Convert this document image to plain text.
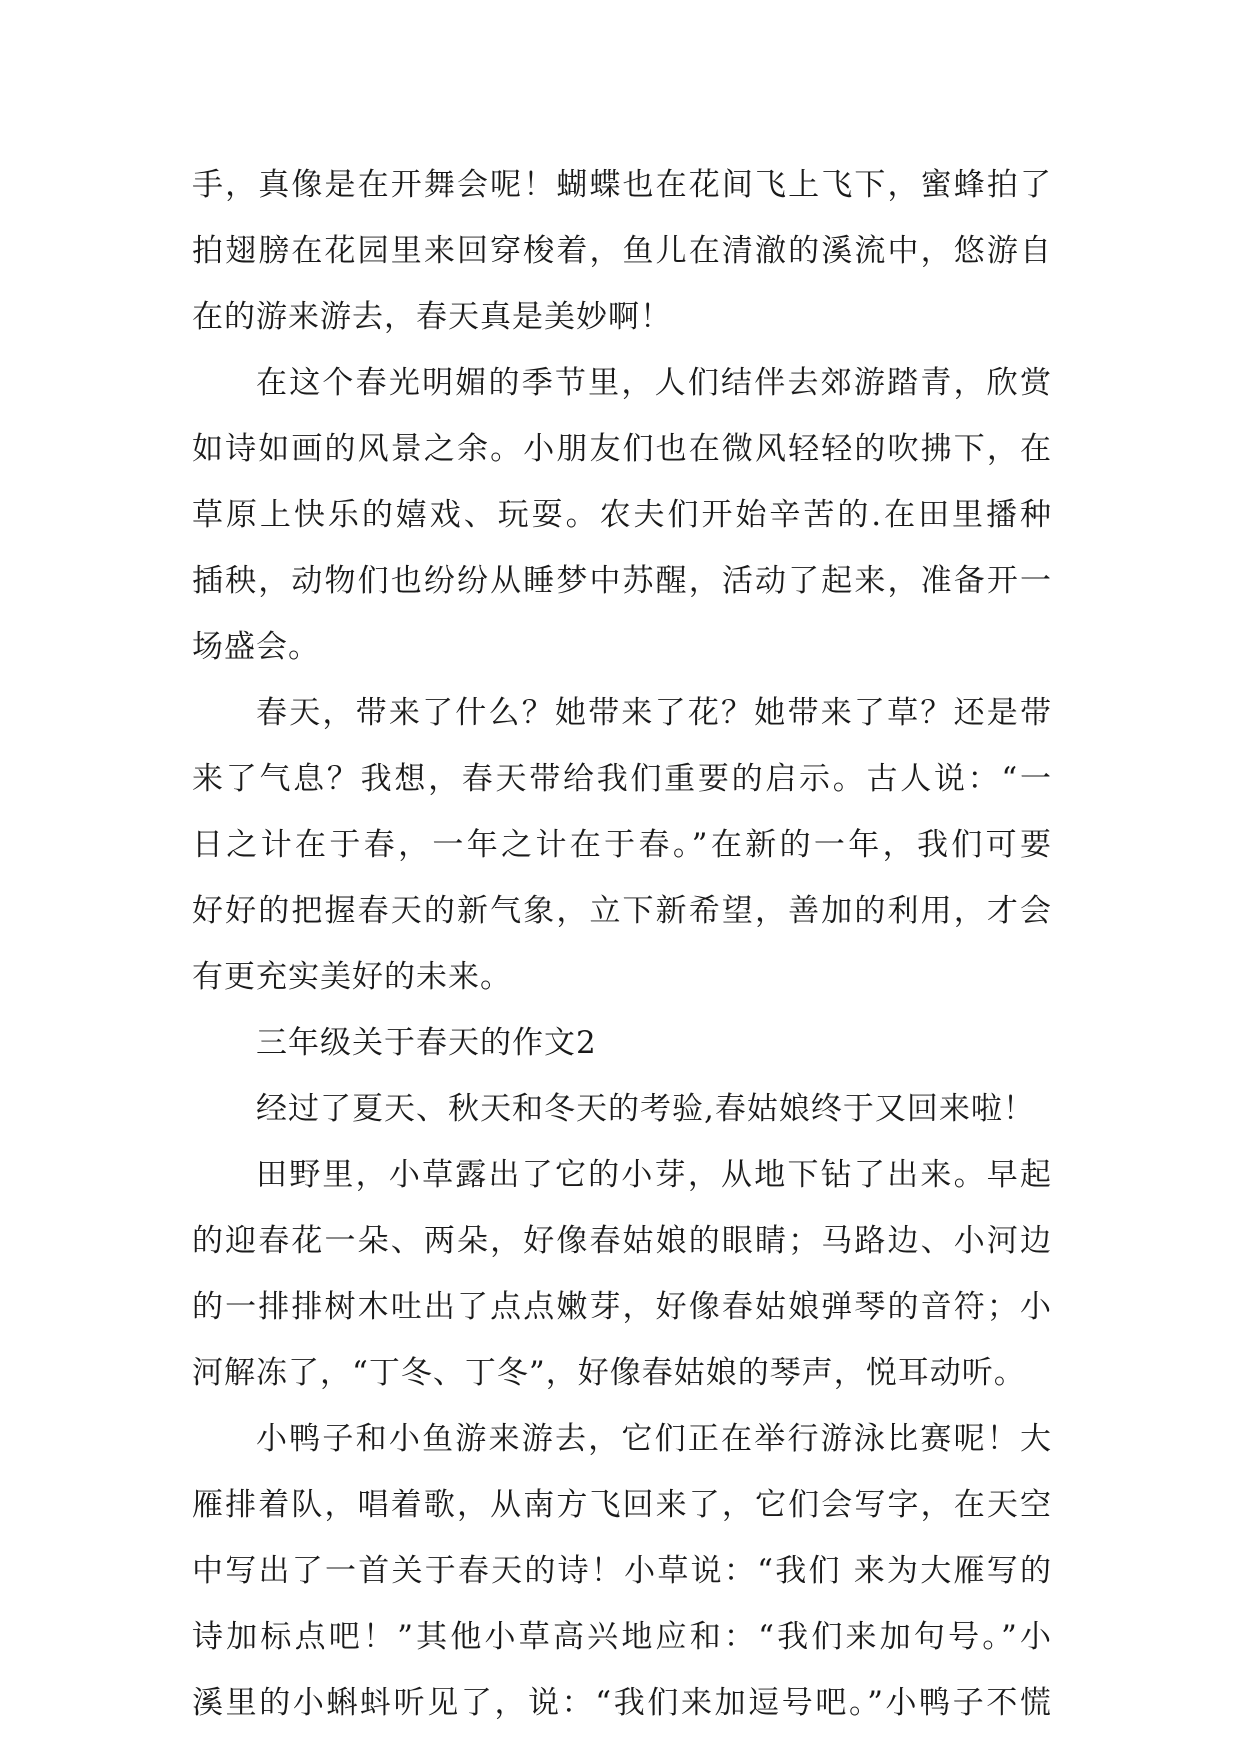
手，真像是在开舞会呢！蝴蝶也在花间飞上飞下，蜜蜂拍了
拍翅膀在花园里来回穿梭着，鱼儿在清澈的溪流中，悠游自
在的游来游去，春天真是美妙啊！
在这个春光明媚的季节里，人们结伴去郊游踏青，欣赏
如诗如画的风景之余。小朋友们也在微风轻轻的吹拂下，在
草原上快乐的嬉戏、玩耍。农夫们开始辛苦的.在田里播种
插秧，动物们也纷纷从睡梦中苏醒，活动了起来，准备开一
场盛会。
春天，带来了什么？她带来了花？她带来了草？还是带
来了气息？我想，春天带给我们重要的启示。古人说：“一
日之计在于春，一年之计在于春。”在新的一年，我们可要
好好的把握春天的新气象，立下新希望，善加的利用，才会
有更充实美好的未来。
三年级关于春天的作文2
经过了夏天、秋天和冬天的考验,春姑娘终于又回来啦！
田野里，小草露出了它的小芽，从地下钻了出来。早起
的迎春花一朵、两朵，好像春姑娘的眼睛；马路边、小河边
的一排排树木吐出了点点嫩芽，好像春姑娘弹琴的音符；小
河解冻了，“丁冬、丁冬”，好像春姑娘的琴声，悦耳动听。
小鸭子和小鱼游来游去，它们正在举行游泳比赛呢！大
雁排着队，唱着歌，从南方飞回来了，它们会写字，在天空
中写出了一首关于春天的诗！小草说：“我们 来为大雁写的
诗加标点吧！”其他小草高兴地应和：“我们来加句号。”小
溪里的小蝌蚪听见了，说：“我们来加逗号吧。”小鸭子不慌
